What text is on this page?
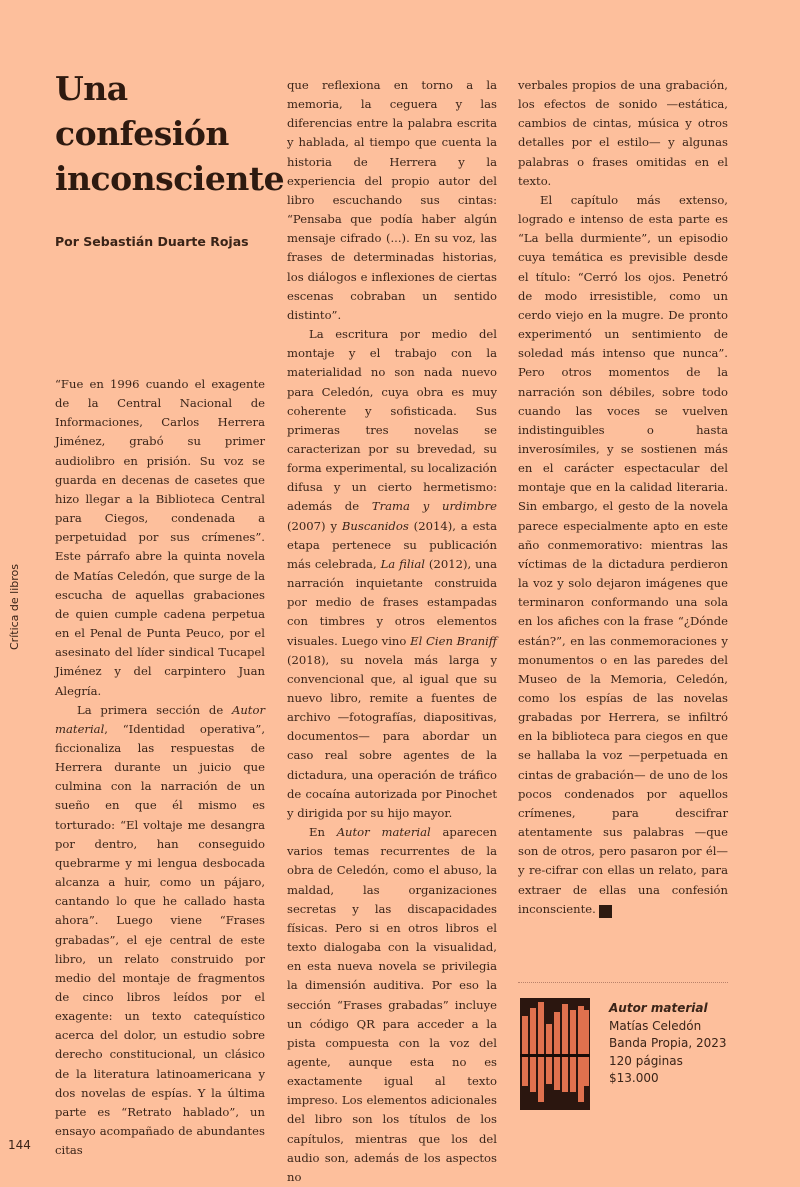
Una confesión inconsciente
Por Sebastián Duarte Rojas
Crítica de libros

“Fue en 1996 cuando el exagente de la Central Nacional de Informaciones, Carlos Herrera Jiménez, grabó su primer audiolibro en prisión. Su voz se guarda en decenas de casetes que hizo llegar a la Biblioteca Central para Ciegos, condenada a perpetuidad por sus crímenes”. Este párrafo abre la quinta novela de Matías Celedón, que surge de la escucha de aquellas grabaciones de quien cumple cadena perpetua en el Penal de Punta Peuco, por el asesinato del líder sindical Tucapel Jiménez y del carpintero Juan Alegría.

La primera sección de Autor material, “Identidad operativa”, ficcionaliza las respuestas de Herrera durante un juicio que culmina con la narración de un sueño en que él mismo es torturado: “El voltaje me desangra por dentro, han conseguido quebrarme y mi lengua desbocada alcanza a huir, como un pájaro, cantando lo que he callado hasta ahora”. Luego viene “Frases grabadas”, el eje central de este libro, un relato construido por medio del montaje de fragmentos de cinco libros leídos por el exagente: un texto catequístico acerca del dolor, un estudio sobre derecho constitucional, un clásico de la literatura latinoamericana y dos novelas de espías. Y la última parte es “Retrato hablado”, un ensayo acompañado de abundantes citas

que reflexiona en torno a la memoria, la ceguera y las diferencias entre la palabra escrita y hablada, al tiempo que cuenta la historia de Herrera y la experiencia del propio autor del libro escuchando sus cintas: “Pensaba que podía haber algún mensaje cifrado (...). En su voz, las frases de determinadas historias, los diálogos e inflexiones de ciertas escenas cobraban un sentido distinto”.

La escritura por medio del montaje y el trabajo con la materialidad no son nada nuevo para Celedón, cuya obra es muy coherente y sofisticada. Sus primeras tres novelas se caracterizan por su brevedad, su forma experimental, su localización difusa y un cierto hermetismo: además de Trama y urdimbre (2007) y Buscanidos (2014), a esta etapa pertenece su publicación más celebrada, La filial (2012), una narración inquietante construida por medio de frases estampadas con timbres y otros elementos visuales. Luego vino El Cien Braniff (2018), su novela más larga y convencional que, al igual que su nuevo libro, remite a fuentes de archivo —fotografías, diapositivas, documentos— para abordar un caso real sobre agentes de la dictadura, una operación de tráfico de cocaína autorizada por Pinochet y dirigida por su hijo mayor.

En Autor material aparecen varios temas recurrentes de la obra de Celedón, como el abuso, la maldad, las organizaciones secretas y las discapacidades físicas. Pero si en otros libros el texto dialogaba con la visualidad, en esta nueva novela se privilegia la dimensión auditiva. Por eso la sección “Frases grabadas” incluye un código QR para acceder a la pista compuesta con la voz del agente, aunque esta no es exactamente igual al texto impreso. Los elementos adicionales del libro son los títulos de los capítulos, mientras que los del audio son, además de los aspectos no

verbales propios de una grabación, los efectos de sonido —estática, cambios de cintas, música y otros detalles por el estilo— y algunas palabras o frases omitidas en el texto.

El capítulo más extenso, logrado e intenso de esta parte es “La bella durmiente”, un episodio cuya temática es previsible desde el título: “Cerró los ojos. Penetró de modo irresistible, como un cerdo viejo en la mugre. De pronto experimentó un sentimiento de soledad más intenso que nunca”. Pero otros momentos de la narración son débiles, sobre todo cuando las voces se vuelven indistinguibles o hasta inverosímiles, y se sostienen más en el carácter espectacular del montaje que en la calidad literaria. Sin embargo, el gesto de la novela parece especialmente apto en este año conmemorativo: mientras las víctimas de la dictadura perdieron la voz y solo dejaron imágenes que terminaron conformando una sola en los afiches con la frase “¿Dónde están?”, en las conmemoraciones y monumentos o en las paredes del Museo de la Memoria, Celedón, como los espías de las novelas grabadas por Herrera, se infiltró en la biblioteca para ciegos en que se hallaba la voz —perpetuada en cintas de grabación— de uno de los pocos condenados por aquellos crímenes, para descifrar atentamente sus palabras —que son de otros, pero pasaron por él— y re-cifrar con ellas un relato, para extraer de ellas una confesión inconsciente.	S

Autor material
Matías Celedón
Banda Propia, 2023
120 páginas
$13.000
144
